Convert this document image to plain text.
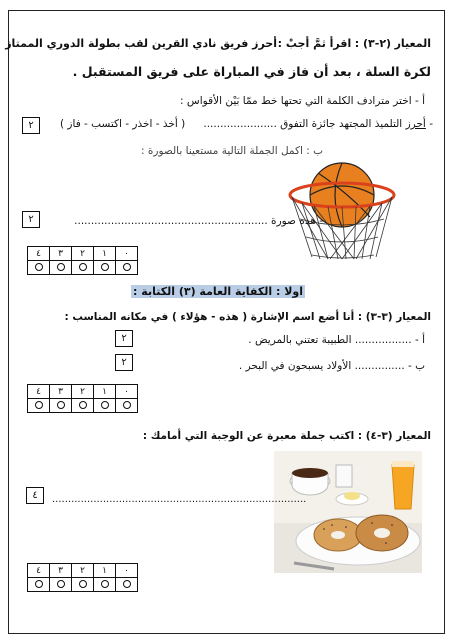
المعيار (٢-٣) : اقرأ ثمَّ أجبْ :
أحرز فريق نادي القرين لقب بطولة الدوري الممتاز
لكرة السلة ، بعد أن فاز في المباراة على فريق المستقبل .
أ - اختر مترادف الكلمة التي تحتها خط ممّا بَيْن الأقواس :
- أحرز التلميذ المجتهد جائزة التفوق ......................
( أخذ - اخذر - اكتسب - فاز )
٢
ب : اكمل الجملة التالية مستعينا بالصورة :
- هذه صورة ..........................................................
٢
٤	٣	٢	١	٠

اولا : الكفاية العامة (٣) الكتابة :
المعيار (٣-٣) : أنا أضع اسم الإشارة ( هذه - هؤلاء ) في مكانه المناسب :
أ - ................. الطبيبة تعتني بالمريض .
٢
ب - ............... الأولاد يسبحون في البحر .
٢
٤	٣	٢	١	٠

المعيار (٣-٤) : اكتب جملة معبرة عن الوجبة التي أمامك :
................................................................................
٤
٤	٣	٢	١	٠
